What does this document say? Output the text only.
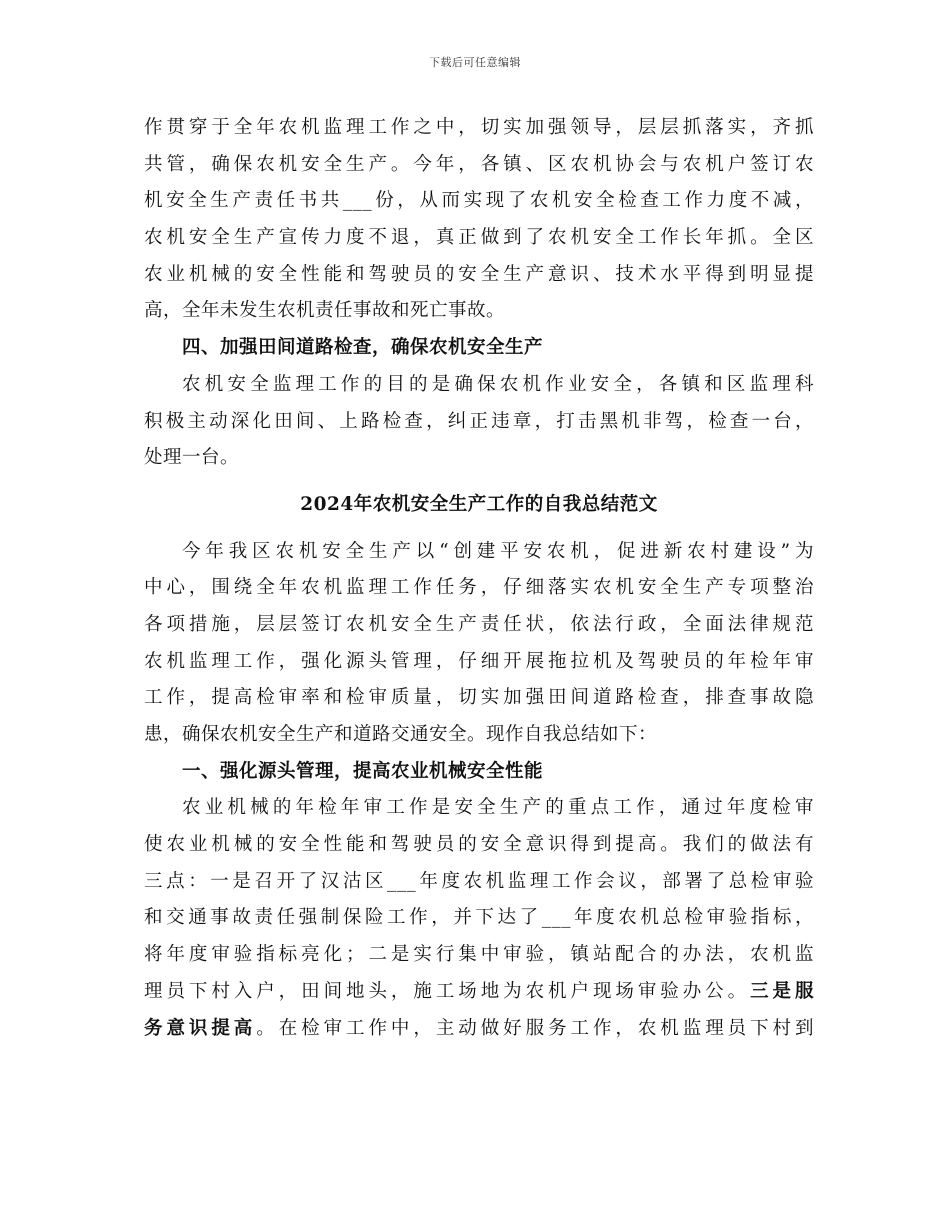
下载后可任意编辑
作贯穿于全年农机监理工作之中，切实加强领导，层层抓落实，齐抓
共管，确保农机安全生产。今年，各镇、区农机协会与农机户签订农
机安全生产责任书共___份，从而实现了农机安全检查工作力度不减，
农机安全生产宣传力度不退，真正做到了农机安全工作长年抓。全区
农业机械的安全性能和驾驶员的安全生产意识、技术水平得到明显提
高，全年未发生农机责任事故和死亡事故。
四、加强田间道路检查，确保农机安全生产
农机安全监理工作的目的是确保农机作业安全，各镇和区监理科
积极主动深化田间、上路检查，纠正违章，打击黑机非驾，检查一台，
处理一台。
2024年农机安全生产工作的自我总结范文
今年我区农机安全生产以“创建平安农机，促进新农村建设”为
中心，围绕全年农机监理工作任务，仔细落实农机安全生产专项整治
各项措施，层层签订农机安全生产责任状，依法行政，全面法律规范
农机监理工作，强化源头管理，仔细开展拖拉机及驾驶员的年检年审
工作，提高检审率和检审质量，切实加强田间道路检查，排查事故隐
患，确保农机安全生产和道路交通安全。现作自我总结如下：
一、强化源头管理，提高农业机械安全性能
农业机械的年检年审工作是安全生产的重点工作，通过年度检审
使农业机械的安全性能和驾驶员的安全意识得到提高。我们的做法有
三点：一是召开了汉沽区___年度农机监理工作会议，部署了总检审验
和交通事故责任强制保险工作，并下达了___年度农机总检审验指标，
将年度审验指标亮化；二是实行集中审验，镇站配合的办法，农机监
理员下村入户，田间地头，施工场地为农机户现场审验办公。三是服
务意识提高。在检审工作中，主动做好服务工作，农机监理员下村到
